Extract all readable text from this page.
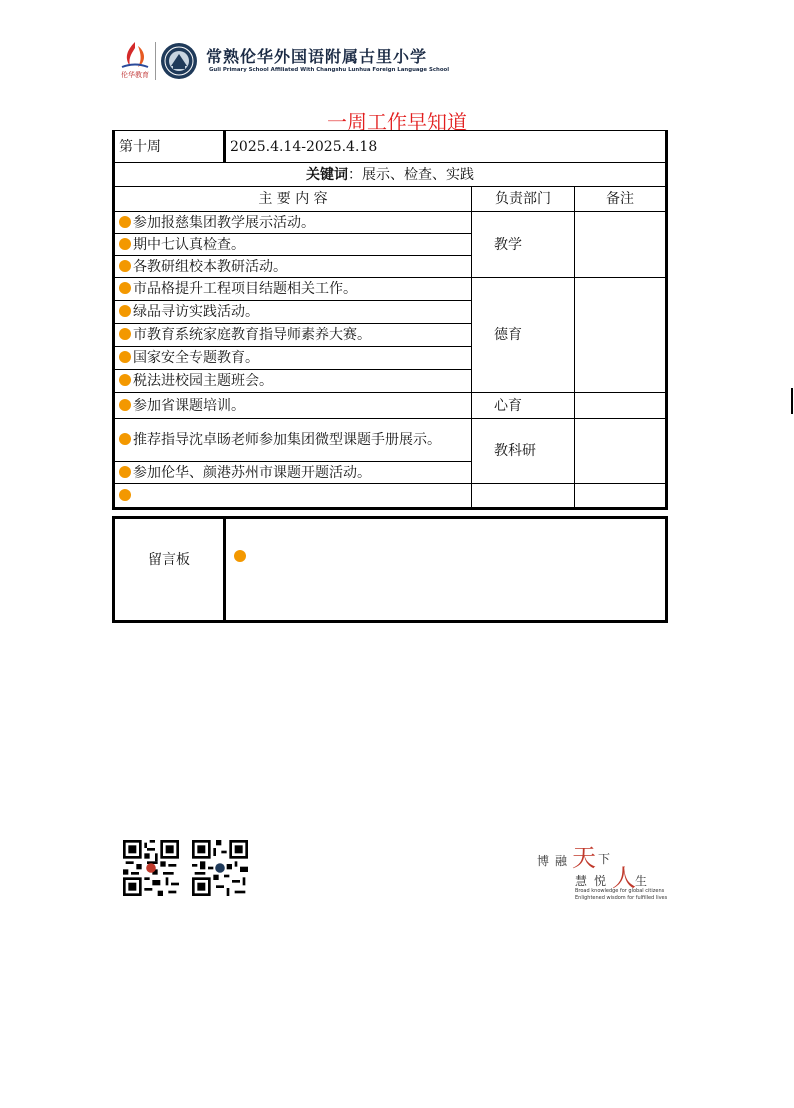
伦华教育
常熟伦华外国语附属古里小学
Guli Primary School Affiliated With Changshu Lunhua Foreign Language School
一周工作早知道
第十周	2025.4.14-2025.4.18		
关键词：展示、检查、实践			
主 要 内 容		负责部门	备注
参加报慈集团教学展示活动。		教学	
期中七认真检查。			
各教研组校本教研活动。			
市品格提升工程项目结题相关工作。		德育	
绿品寻访实践活动。			
市教育系统家庭教育指导师素养大赛。			
国家安全专题教育。			
税法进校园主题班会。			
参加省课题培训。		心育	
推荐指导沈卓旸老师参加集团微型课题手册展示。		教科研	
参加伦华、颜港苏州市课题开题活动。			

留言板	
博 融 天 下
慧 悦 人 生
Broad knowledge for global citizens
Enlightened wisdom for fulfilled lives
